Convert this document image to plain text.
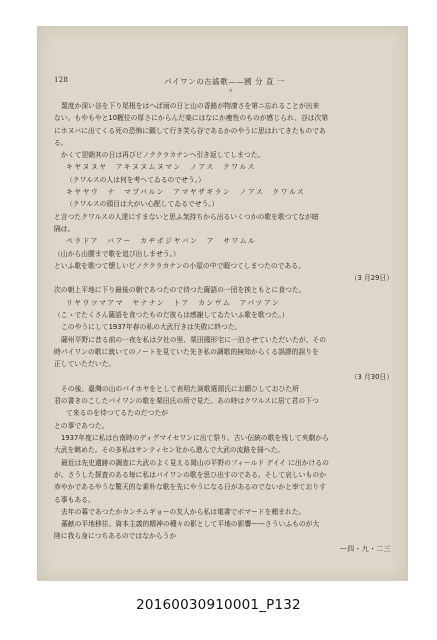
128	パイワンの古謠歌——國 分 直 一
4
蔑度か深い谷を下り尾根をはへば雨の日と山の香路が物凄さを第ニ忘れることが出来
ない。もやもやと10糎位の厚さにからんだ楽にはなにか痩性のものが感じられ、谷は次第
にホヌバに出てくる死の恐怖に顫して行き笑ら谷であるかのやうに思はれてきたものであ
る。
かくて翌朝其の日は再びピノククラカナンへ引き返してしまつた。
キヤヌヌヤ　アキヌヌムヌマン　ノアス　クワルス
（クワルスの人は何を考へてゐるのでせう。）
キヤヤウ　ナ　マプパルン　アマヤザギラン　ノアス　クワルス
（クワルスの頭目は大がい心配してゐるでせう。）
と言つたクワルスの人達にすまないと思ふ気持ちから出るいくつかの歌を歌つてなが暗
隔は。
ペラドア　バアー　カヂポジヤバン　ア　サワムル
（山から山腰まで歌を追び出しませう。）
といふ歌を歌つて懐しいピノククラカナンの小屋の中で暇つてしまつたのである。
（3 月29日）
次の朝上平地に下り最後の朝であつたので待つた薩語の一団を挨ともとに食つた。
リヤウツマアマ　ヤナナン　トア　カンヴム　アパツアン
（こゝでたくさん薩語を食つたものだ彼らは感謝してゐたいふ歌を歌つた。）
このやうにして1937年春の私の大武行きは失敗に終つた。
薩州平野に昔る前の一夜を私は夕社の里、栗田國形宅に一泊させていただいたが、その
時パイワンの歌に就いてのノートを見ていた先き私の調歌的無知からくる誤謬的誤りを
正していただいた。
（3 月30日）
その後、臺灣の山のパイホヤをとして表明た演歌選頭氏にお願ひしておひた所
君の書きのこしたパイワンの歌を栗田氏の所で見た。あの時はクワルスに居て君の下つ
て来るのを待つてるたのだつたが
との事であつた。
1937年度に私は台南時のディグマイセワンに出て祭り、古い伝統の歌を残して夾劇から
大武を眺めた。その多私はサンティセン社から進んで大武の流路を掃へた。
最近は先史遺跡の調査に大武のよく見える岡山の平野のフィールド デイイ に出かけるの
が、さうした探査のある毎に私はパイワンの歌を思ひ出すのである。そして哀しいものか
赤やかであるやうな驚天的な素朴な歌を先にやうになる日があるのでないかと率ておりす
る事もある。
去年の暮であつたかカンチムギョーの友人から私は電書でボマードを頼まれた。
蕃献の平地移住、資本主義的精神の種々の影として平地の影響——さういふものが大
陸に我ら身につちあるのではなからうか
—四・九・二三
20160030910001_P132
